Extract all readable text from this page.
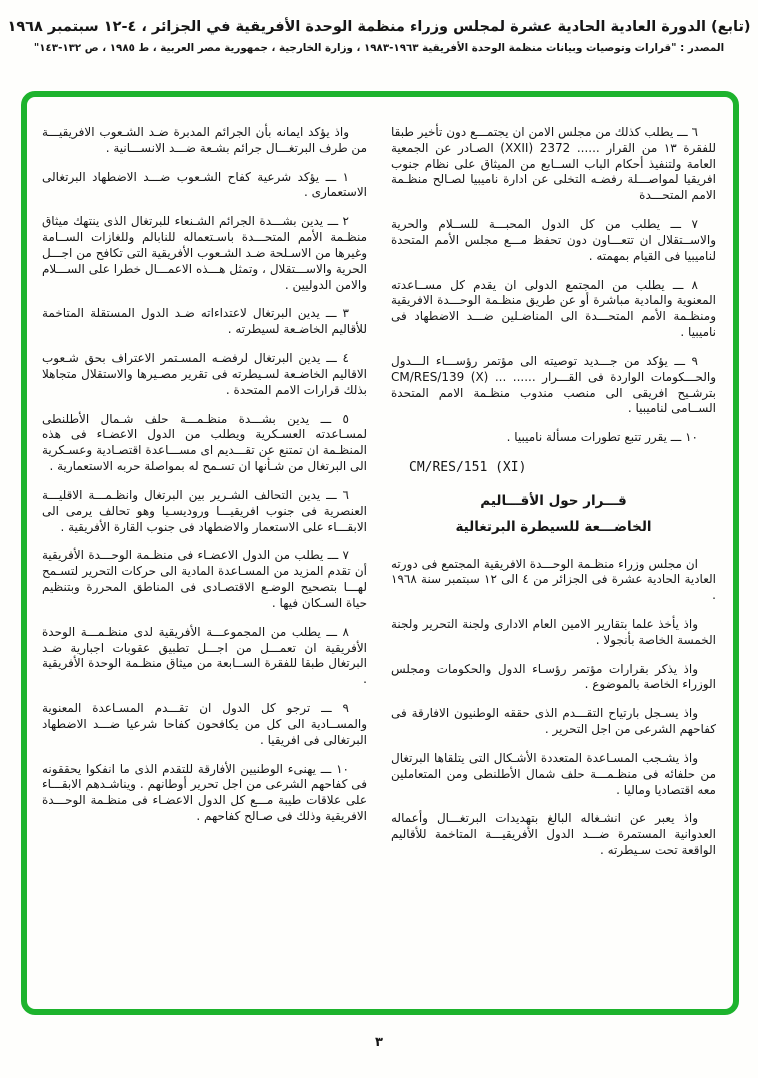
(تابع) الدورة العادية الحادية عشرة لمجلس وزراء منظمة الوحدة الأفريقية في الجزائر ، ٤-١٢ سبتمبر ١٩٦٨
المصدر : "قرارات وتوصيات وبيانات منظمة الوحدة الأفريقية ١٩٦٣-١٩٨٣ ، وزارة الخارجية ، جمهورية مصر العربية ، ط ١٩٨٥ ، ص ١٣٢-١٤٣"

٦ ـــ يطلب كذلك من مجلس الامن ان يجتمـــع دون تأخير طبقا للفقرة ١٣ من القرار ...... 2372 (XXII) الصـادر عن الجمعية العامة ولتنفيذ أحكام الباب الســابع من الميثاق على نظام جنوب افريقيا لمواصـــلة رفضـه التخلى عن ادارة ناميبيا لصـالح منظـمة الامم المتحـــدة

٧ ـــ يطلب من كل الدول المحبـــة للســلام والحرية والاســتقلال ان تتعـــاون دون تحفظ مـــع مجلس الأمم المتحدة لناميبيا فى القيام بمهمته .

٨ ـــ يطلب من المجتمع الدولى ان يقدم كل مســاعدته المعنوية والمادية مباشرة أو عن طريق منظـمة الوحـــدة الافريقية ومنظـمة الأمم المتحـــدة الى المناضـلين ضـــد الاضطهاد فى ناميبيا .

٩ ـــ يؤكد من جـــديد توصيته الى مؤتمر رؤســـاء الـــدول والحـــكومات الواردة فى القـــرار ...... ... CM/RES/139 (X) بترشـيح افريقى الى منصب مندوب منظـمة الامم المتحدة الســامى لناميبيا .

١٠ ـــ يقرر تتبع تطورات مسألة ناميبيا .

CM/RES/151 (XI)

قـــرار حول الأقـــاليم
الخاضـــعة للسيطرة البرتغالية

ان مجلس وزراء منظـمة الوحـــدة الافريقية المجتمع فى دورته العادية الحادية عشرة فى الجزائر من ٤ الى ١٢ سبتمبر سنة ١٩٦٨ .

واذ يأخذ علما بتقارير الامين العام الادارى ولجنة التحرير ولجنة الخمسة الخاصة بأنجولا .

واذ يذكر بقرارات مؤتمر رؤسـاء الدول والحكومات ومجلس الوزراء الخاصة بالموضوع .

واذ يسـجل بارتياح التقـــدم الذى حققه الوطنيون الافارقة فى كفاحهم الشرعى من اجل التحرير .

واذ يشـجب المسـاعدة المتعددة الأشـكال التى يتلقاها البرتغال من حلفائه فى منظـمـــة حلف شمال الأطلنطى ومن المتعاملين معه اقتصاديا وماليا .

واذ يعبر عن انشـغاله البالغ بتهديدات البرتغـــال وأعماله العدوانية المستمرة ضـــد الدول الأفريقيـــة المتاخمة للأقاليم الواقعة تحت سـيطرته .

واذ يؤكد ايمانه بأن الجرائم المدبرة ضـد الشـعوب الافريقيـــة من طرف البرتغـــال جرائم بشـعة ضـــد الانســـانية .

١ ـــ يؤكد شرعية كفاح الشـعوب ضـــد الاضطهاد البرتغالى الاستعمارى .

٢ ـــ يدين بشـــدة الجرائم الشـنعاء للبرتغال الذى ينتهك ميثاق منظـمة الأمم المتحـــدة باسـتعماله للنابالم وللغازات الســامة وغيرها من الاسـلحة ضـد الشـعوب الأفريقية التى تكافح من اجـــل الحرية والاســـتقلال ، وتمثل هـــذه الاعمـــال خطرا على الســـلام والامن الدوليين .

٣ ـــ يدين البرتغال لاعتداءاته ضـد الدول المستقلة المتاخمة للأقاليم الخاضـعة لسيطرته .

٤ ـــ يدين البرتغال لرفضـه المسـتمر الاعتراف بحق شـعوب الاقاليم الخاضـعة لسـيطرته فى تقرير مصـيرها والاستقلال متجاهلا بذلك قرارات الامم المتحدة .

٥ ـــ يدين بشـــدة منظـمـــة حلف شـمال الأطلنطى لمسـاعدته العسـكرية ويطلب من الدول الاعضـاء فى هذه المنظـمة ان تمتنع عن تقـــديم اى مســـاعدة اقتصـادية وعسـكرية الى البرتغال من شـأنها ان تسـمح له بمواصلة حربه الاستعمارية .

٦ ـــ يدين التحالف الشـرير بين البرتغال وانظـمـــة الاقليـــة العنصرية فى جنوب افريقيـــا وروديسـيا وهو تحالف يرمى الى الابقـــاء على الاستعمار والاضطهاد فى جنوب القارة الأفريقية .

٧ ـــ يطلب من الدول الاعضـاء فى منظـمة الوحـــدة الأفريقية أن تقدم المزيد من المسـاعدة المادية الى حركات التحرير لتسـمح لهـــا بتصحيح الوضـع الاقتصـادى فى المناطق المحررة وبتنظيم حياة السـكان فيها .

٨ ـــ يطلب من المجموعـــة الأفريقية لدى منظـمـــة الوحدة الأفريقية ان تعمـــل من اجـــل تطبيق عقوبات اجبارية ضـد البرتغال طبقا للفقرة الســابعة من ميثاق منظـمة الوحدة الأفريقية .

٩ ـــ ترجو كل الدول ان تقـــدم المسـاعدة المعنوية والمســادية الى كل من يكافحون كفاحا شرعيا ضـــد الاضطهاد البرتغالى فى افريقيا .

١٠ ـــ يهنىء الوطنيين الأفارقة للتقدم الذى ما انفكوا يحققونه فى كفاحهم الشرعى من اجل تحرير أوطانهم . ويناشـدهم الابقـــاء على علاقات طيبة مـــع كل الدول الاعضـاء فى منظـمة الوحـــدة الافريقية وذلك فى صـالح كفاحهم .

٣
